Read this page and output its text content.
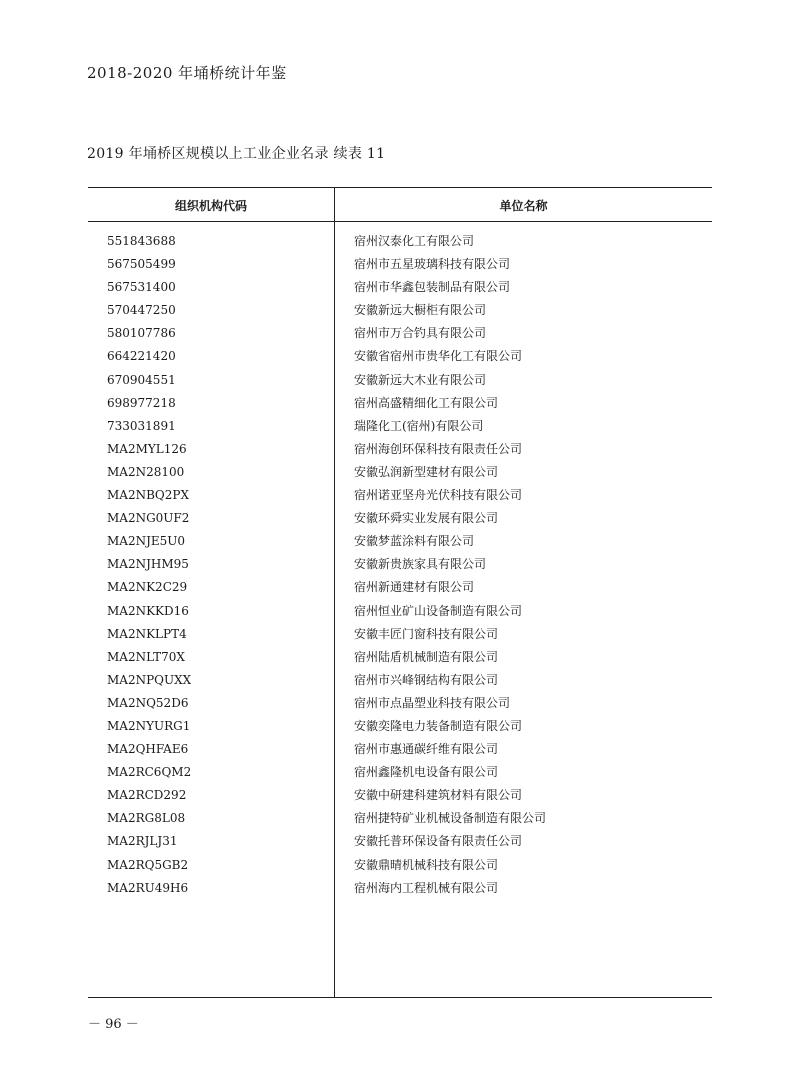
2018-2020 年埇桥统计年鉴
2019 年埇桥区规模以上工业企业名录 续表 11
组织机构代码	单位名称
551843688	宿州汉泰化工有限公司
567505499	宿州市五星玻璃科技有限公司
567531400	宿州市华鑫包装制品有限公司
570447250	安徽新远大橱柜有限公司
580107786	宿州市万合钓具有限公司
664221420	安徽省宿州市贵华化工有限公司
670904551	安徽新远大木业有限公司
698977218	宿州高盛精细化工有限公司
733031891	瑞隆化工(宿州)有限公司
MA2MYL126	宿州海创环保科技有限责任公司
MA2N28100	安徽弘润新型建材有限公司
MA2NBQ2PX	宿州诺亚坚舟光伏科技有限公司
MA2NG0UF2	安徽环舜实业发展有限公司
MA2NJE5U0	安徽梦蓝涂料有限公司
MA2NJHM95	安徽新贵族家具有限公司
MA2NK2C29	宿州新通建材有限公司
MA2NKKD16	宿州恒业矿山设备制造有限公司
MA2NKLPT4	安徽丰匠门窗科技有限公司
MA2NLT70X	宿州陆盾机械制造有限公司
MA2NPQUXX	宿州市兴峰钢结构有限公司
MA2NQ52D6	宿州市点晶塑业科技有限公司
MA2NYURG1	安徽奕隆电力装备制造有限公司
MA2QHFAE6	宿州市惠通碳纤维有限公司
MA2RC6QM2	宿州鑫隆机电设备有限公司
MA2RCD292	安徽中研建科建筑材料有限公司
MA2RG8L08	宿州捷特矿业机械设备制造有限公司
MA2RJLJ31	安徽托普环保设备有限责任公司
MA2RQ5GB2	安徽鼎晴机械科技有限公司
MA2RU49H6	宿州海内工程机械有限公司
－ 96 －
